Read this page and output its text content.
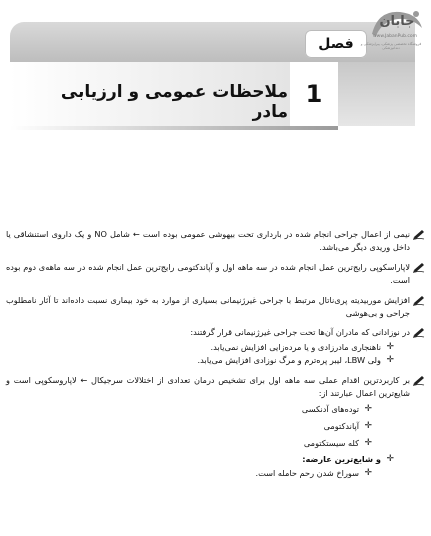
فصل
جابان
www.JabanPub.com
فروشگاه تخصصی پزشکی، پیراپزشکی و دندانپزشکی
ملاحظات عمومی و ارزیابی مادر
1

نیمی از اعمال جراحی انجام شده در بارداری تحت بیهوشی عمومی بوده است ← شامل NO و یک داروی استنشاقی یا داخل وریدی دیگر می‌باشد.

لاپاراسکوپی رایج‌ترین عمل انجام شده در سه ماهه اول و آپاندکتومی رایج‌ترین عمل انجام شده در سه ماهه‌ی دوم بوده است.

افزایش موربیدیته پری‌ناتال مرتبط با جراحی غیرژنیمانی بسیاری از موارد به خود بیماری نسبت داده‌اند تا آثار نامطلوب جراحی و بی‌هوشی

در نوزادانی که مادران آن‌ها تحت جراحی غیرژنیمانی قرار گرفتند:

✛
ناهنجاری مادرزادی و یا مرده‌زایی افزایش نمی‌یابد.
✛
ولی LBW، لیبر پره‌ترم و مرگ نوزادی افزایش می‌یابد.

بر کاربردترین اقدام عملی سه ماهه اول برای تشخیص درمان تعدادی از اختلالات سرجیکال ← لاپاروسکوپی است و شایع‌ترین اعمال عبارتند از:

✛
توده‌های آدنکسی
✛
آپاندکتومی
✛
کله سیستکتومی
✛
و شایع‌ترین عارضه:
✛
سوراخ شدن رحم حامله است.
